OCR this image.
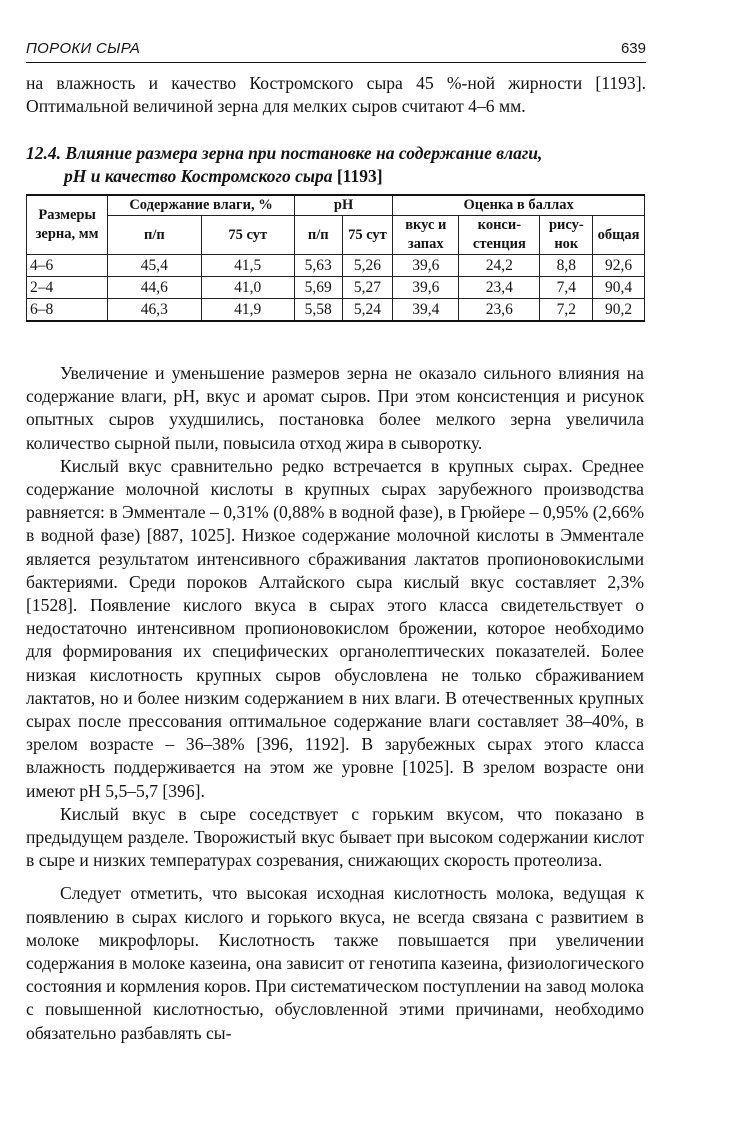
ПОРОКИ СЫРА	639

на влажность и качество Костромского сыра 45 %-ной жирности [1193]. Оптимальной величиной зерна для мелких сыров считают 4–6 мм.

12.4. Влияние размера зерна при постановке на содержание влаги,
рН и качество Костромского сыра [1193]
Размеры зерна, мм	Содержание влаги, %		рН		Оценка в баллах			
	п/п	75 сут	п/п	75 сут	вкус и запах	конси-стенция	рису-нок	общая
4–6	45,4	41,5	5,63	5,26	39,6	24,2	8,8	92,6
2–4	44,6	41,0	5,69	5,27	39,6	23,4	7,4	90,4
6–8	46,3	41,9	5,58	5,24	39,4	23,6	7,2	90,2

Увеличение и уменьшение размеров зерна не оказало сильного влияния на содержание влаги, рН, вкус и аромат сыров. При этом консистенция и рисунок опытных сыров ухудшились, постановка более мелкого зерна увеличила количество сырной пыли, повысила отход жира в сыворотку.

Кислый вкус сравнительно редко встречается в крупных сырах. Среднее содержание молочной кислоты в крупных сырах зарубежного производства равняется: в Эмментале – 0,31% (0,88% в водной фазе), в Грюйере – 0,95% (2,66% в водной фазе) [887, 1025]. Низкое содержание молочной кислоты в Эмментале является результатом интенсивного сбраживания лактатов пропионовокислыми бактериями. Среди пороков Алтайского сыра кислый вкус составляет 2,3% [1528]. Появление кислого вкуса в сырах этого класса свидетельствует о недостаточно интенсивном пропионовокислом брожении, которое необходимо для формирования их специфических органолептических показателей. Более низкая кислотность крупных сыров обусловлена не только сбраживанием лактатов, но и более низким содержанием в них влаги. В отечественных крупных сырах после прессования оптимальное содержание влаги составляет 38–40%, в зрелом возрасте – 36–38% [396, 1192]. В зарубежных сырах этого класса влажность поддерживается на этом же уровне [1025]. В зрелом возрасте они имеют рН 5,5–5,7 [396].

Кислый вкус в сыре соседствует с горьким вкусом, что показано в предыдущем разделе. Творожистый вкус бывает при высоком содержании кислот в сыре и низких температурах созревания, снижающих скорость протеолиза.

Следует отметить, что высокая исходная кислотность молока, ведущая к появлению в сырах кислого и горького вкуса, не всегда связана с развитием в молоке микрофлоры. Кислотность также повышается при увеличении содержания в молоке казеина, она зависит от генотипа казеина, физиологического состояния и кормления коров. При систематическом поступлении на завод молока с повышенной кислотностью, обусловленной этими причинами, необходимо обязательно разбавлять сы-
